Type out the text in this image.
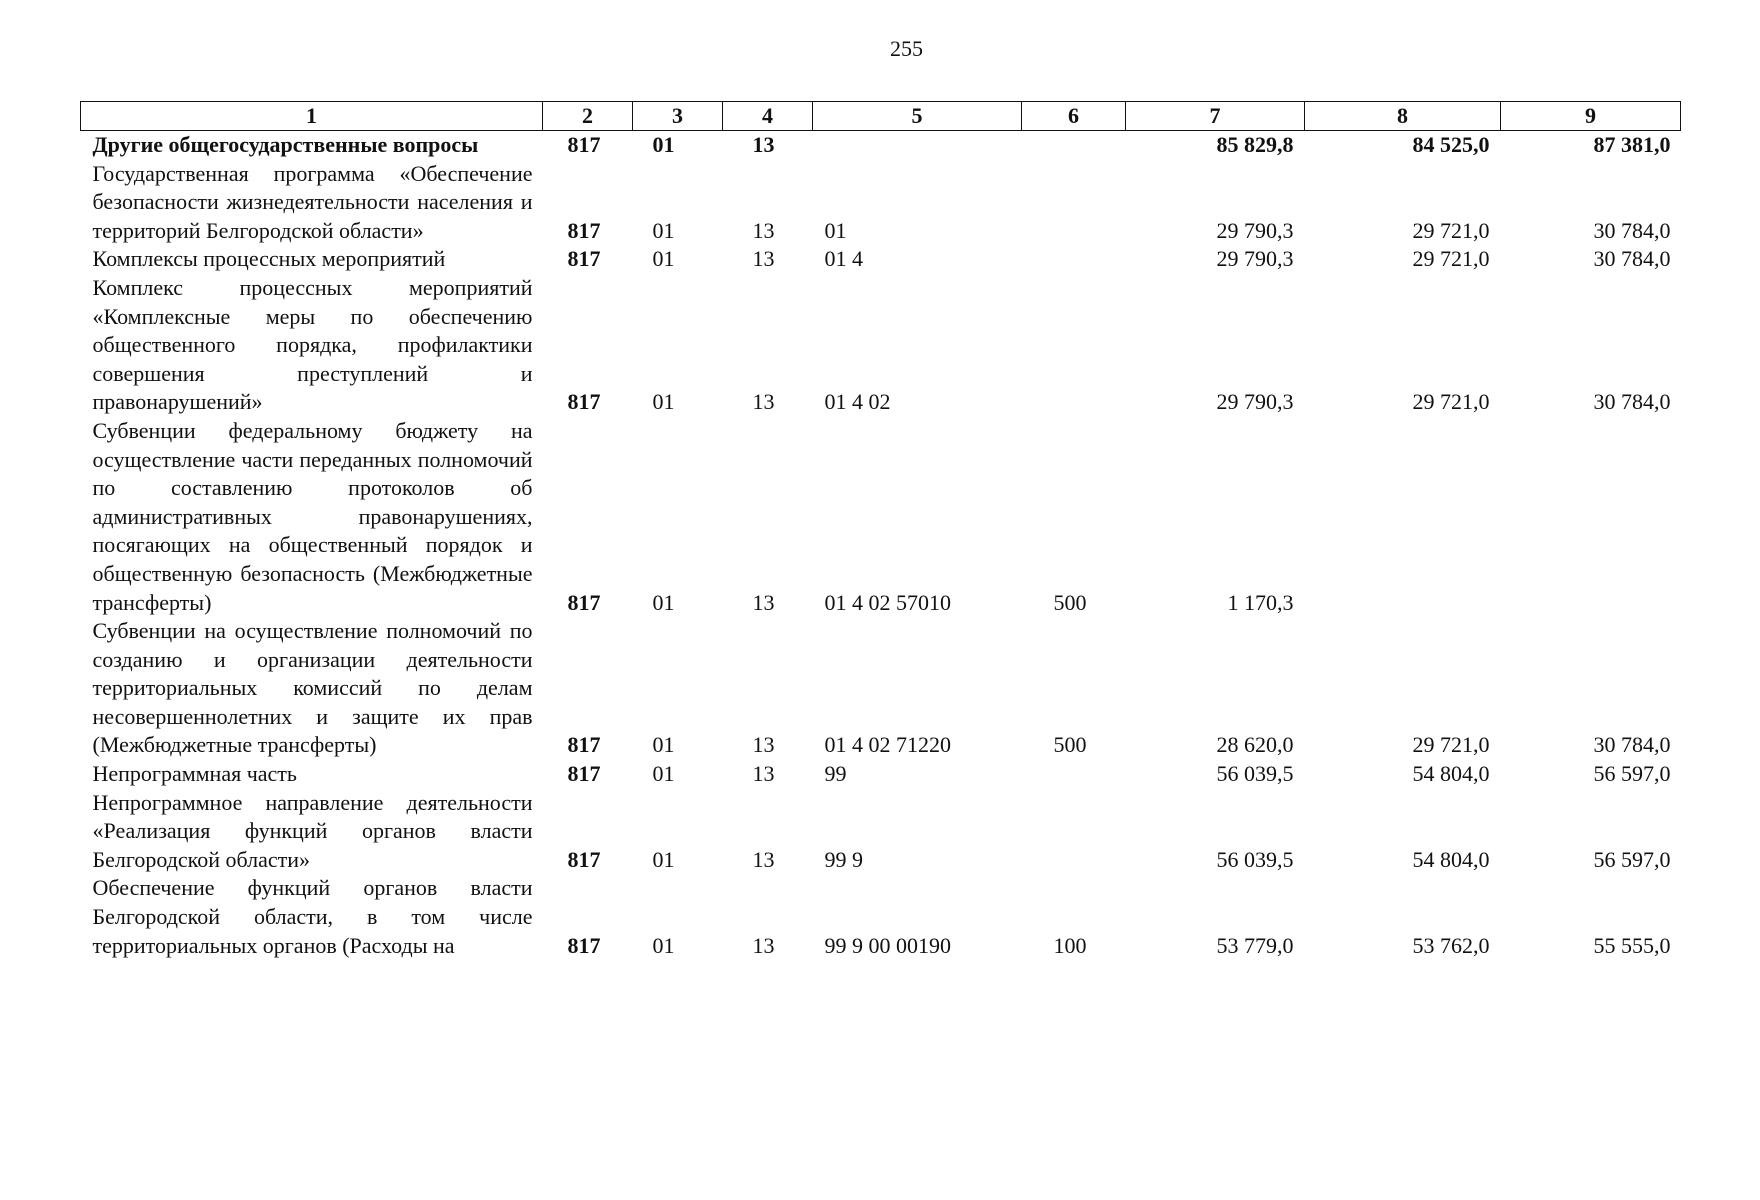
255
1	2	3	4	5	6	7	8	9
Другие общегосударственные вопросы	817	01	13			85 829,8	84 525,0	87 381,0
Государственная программа «Обеспечение безопасности жизнедеятельности населения и территорий Белгородской области»	817	01	13	01		29 790,3	29 721,0	30 784,0
Комплексы процессных мероприятий	817	01	13	01 4		29 790,3	29 721,0	30 784,0
Комплекс процессных мероприятий «Комплексные меры по обеспечению общественного порядка, профилактики совершения преступлений и правонарушений»	817	01	13	01 4 02		29 790,3	29 721,0	30 784,0
Субвенции федеральному бюджету на осуществление части переданных полномочий по составлению протоколов об административных правонарушениях, посягающих на общественный порядок и общественную безопасность (Межбюджетные трансферты)	817	01	13	01 4 02 57010	500	1 170,3		
Субвенции на осуществление полномочий по созданию и организации деятельности территориальных комиссий по делам несовершеннолетних и защите их прав (Межбюджетные трансферты)	817	01	13	01 4 02 71220	500	28 620,0	29 721,0	30 784,0
Непрограммная часть	817	01	13	99		56 039,5	54 804,0	56 597,0
Непрограммное направление деятельности «Реализация функций органов власти Белгородской области»	817	01	13	99 9		56 039,5	54 804,0	56 597,0
Обеспечение функций органов власти Белгородской области, в том числе территориальных органов (Расходы на	817	01	13	99 9 00 00190	100	53 779,0	53 762,0	55 555,0
